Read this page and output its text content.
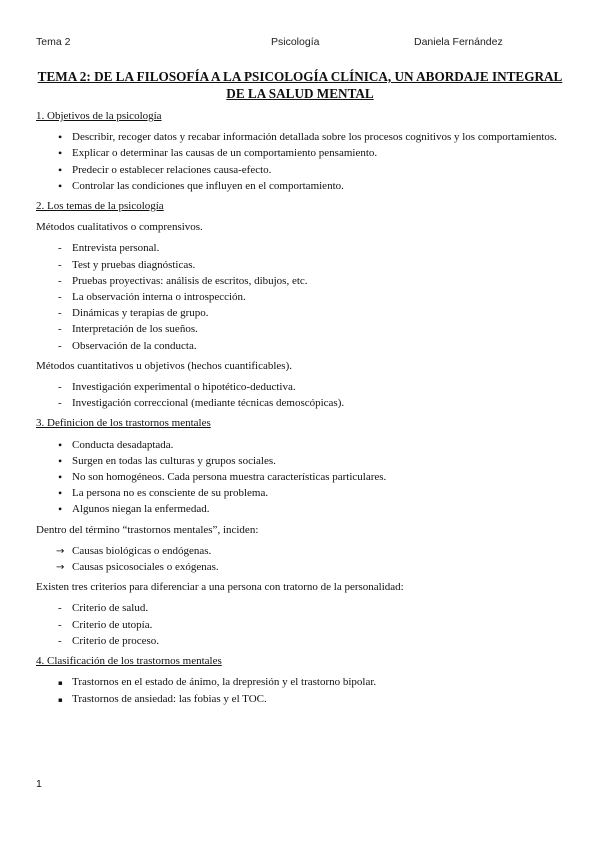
Tema 2	Psicología	Daniela Fernández
TEMA 2: DE LA FILOSOFÍA A LA PSICOLOGÍA CLÍNICA, UN ABORDAJE INTEGRAL DE LA SALUD MENTAL
1. Objetivos de la psicología
•
Describir, recoger datos y recabar información detallada sobre los procesos cognitivos y los comportamientos.
•
Explicar o determinar las causas de un comportamiento pensamiento.
•
Predecir o establecer relaciones causa-efecto.
•
Controlar las condiciones que influyen en el comportamiento.
2. Los temas de la psicología
Métodos cualitativos o comprensivos.
-
Entrevista personal.
-
Test y pruebas diagnósticas.
-
Pruebas proyectivas: análisis de escritos, dibujos, etc.
-
La observación interna o introspección.
-
Dinámicas y terapias de grupo.
-
Interpretación de los sueños.
-
Observación de la conducta.
Métodos cuantitativos u objetivos (hechos cuantificables).
-
Investigación experimental o hipotético-deductiva.
-
Investigación correccional (mediante técnicas demoscópicas).
3. Definicion de los trastornos mentales
•
Conducta desadaptada.
•
Surgen en todas las culturas y grupos sociales.
•
No son homogéneos. Cada persona muestra características particulares.
•
La persona no es consciente de su problema.
•
Algunos niegan la enfermedad.
Dentro del término “trastornos mentales”, inciden:
→
Causas biológicas o endógenas.
→
Causas psicosociales o exógenas.
Existen tres criterios para diferenciar a una persona con tratorno de la personalidad:
-
Criterio de salud.
-
Criterio de utopía.
-
Criterio de proceso.
4. Clasificación de los trastornos mentales
▪
Trastornos en el estado de ánimo, la drepresión y el trastorno bipolar.
▪
Trastornos de ansiedad: las fobias y el TOC.
1
